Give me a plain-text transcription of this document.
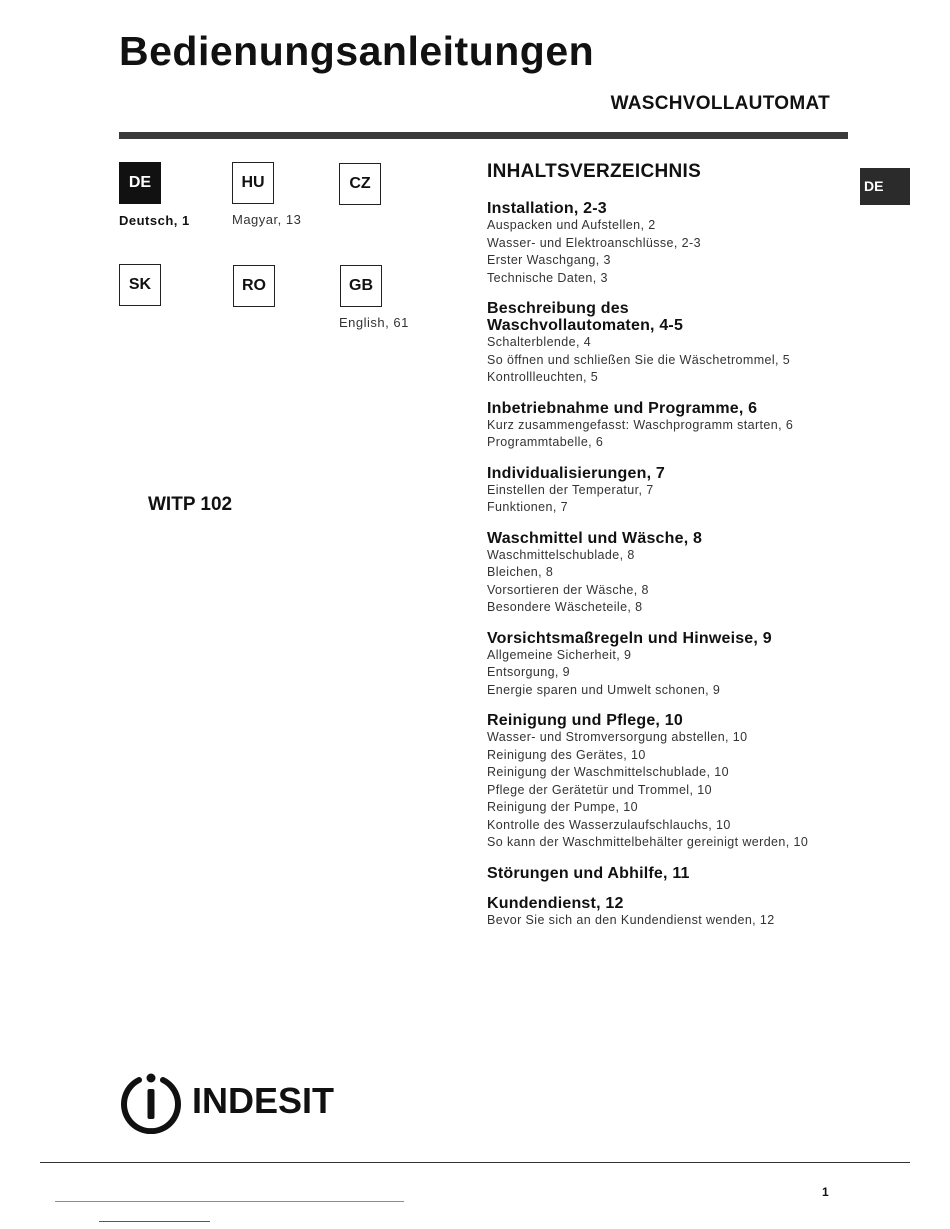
Bedienungsanleitungen
WASCHVOLLAUTOMAT
DE
Deutsch, 1
HU
Magyar, 13
CZ
SK	RO	GB
English, 61
WITP 102
DE
INHALTSVERZEICHNIS
Installation, 2-3
Auspacken und Aufstellen, 2
Wasser- und Elektroanschlüsse, 2-3
Erster Waschgang, 3
Technische Daten, 3
Beschreibung des
Waschvollautomaten, 4-5
Schalterblende, 4
So öffnen und schließen Sie die Wäschetrommel, 5
Kontrollleuchten, 5
Inbetriebnahme und Programme, 6
Kurz zusammengefasst: Waschprogramm starten, 6
Programmtabelle, 6
Individualisierungen, 7
Einstellen der Temperatur, 7
Funktionen, 7
Waschmittel und Wäsche, 8
Waschmittelschublade, 8
Bleichen, 8
Vorsortieren der Wäsche, 8
Besondere Wäscheteile, 8
Vorsichtsmaßregeln und Hinweise, 9
Allgemeine Sicherheit, 9
Entsorgung, 9
Energie sparen und Umwelt schonen, 9
Reinigung und Pflege, 10
Wasser- und Stromversorgung abstellen, 10
Reinigung des Gerätes, 10
Reinigung der Waschmittelschublade, 10
Pflege der Gerätetür und Trommel, 10
Reinigung der Pumpe, 10
Kontrolle des Wasserzulaufschlauchs, 10
So kann der Waschmittelbehälter gereinigt werden, 10
Störungen und Abhilfe, 11
Kundendienst, 12
Bevor Sie sich an den Kundendienst wenden, 12
INDESIT
1
